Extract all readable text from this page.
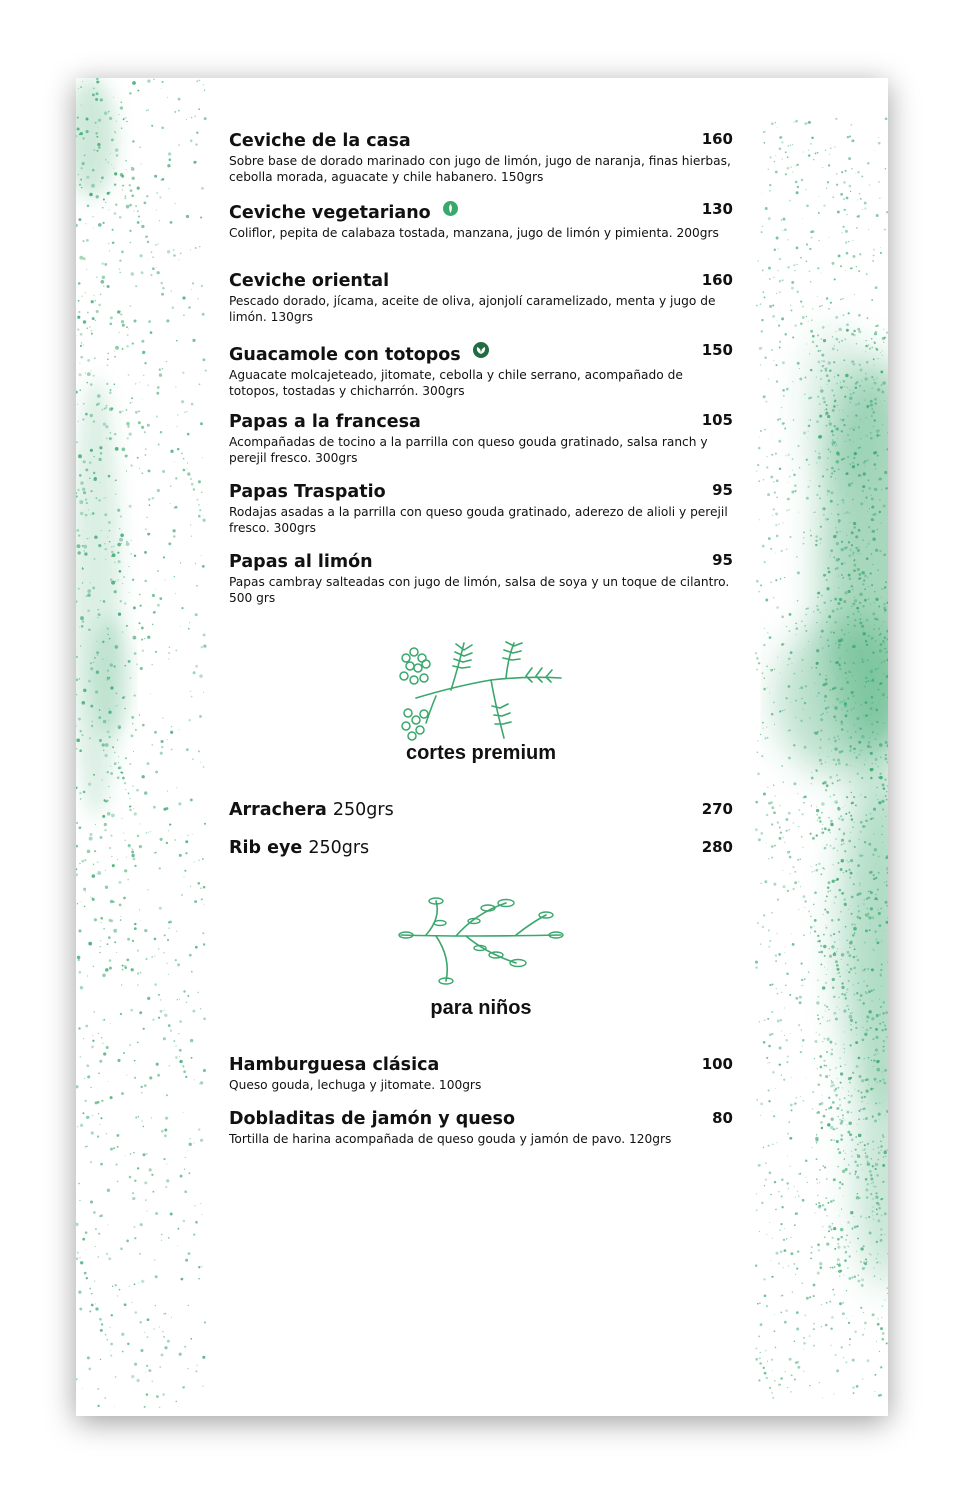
Ceviche de la casa
Sobre base de dorado marinado con jugo de limón, jugo de naranja, finas hierbas, cebolla morada, aguacate y chile habanero. 150grs
160
Ceviche vegetariano
Coliflor, pepita de calabaza tostada, manzana, jugo de limón y pimienta. 200grs
130
Ceviche oriental
Pescado dorado, jícama, aceite de oliva, ajonjolí caramelizado, menta y jugo de limón. 130grs
160
Guacamole con totopos
Aguacate molcajeteado, jitomate, cebolla y chile serrano, acompañado de totopos, tostadas y chicharrón. 300grs
150
Papas a la francesa
Acompañadas de tocino a la parrilla con queso gouda gratinado, salsa ranch y perejil fresco. 300grs
105
Papas Traspatio
Rodajas asadas a la parrilla con queso gouda gratinado, aderezo de alioli y perejil fresco. 300grs
95
Papas al limón
Papas cambray salteadas con jugo de limón, salsa de soya y un toque de cilantro. 500 grs
95
cortes premium
Arrachera 250grs	270
Rib eye 250grs	280
para niños
Hamburguesa clásica
Queso gouda, lechuga y jitomate. 100grs
100
Dobladitas de jamón y queso
Tortilla de harina acompañada de queso gouda y jamón de pavo. 120grs
80
